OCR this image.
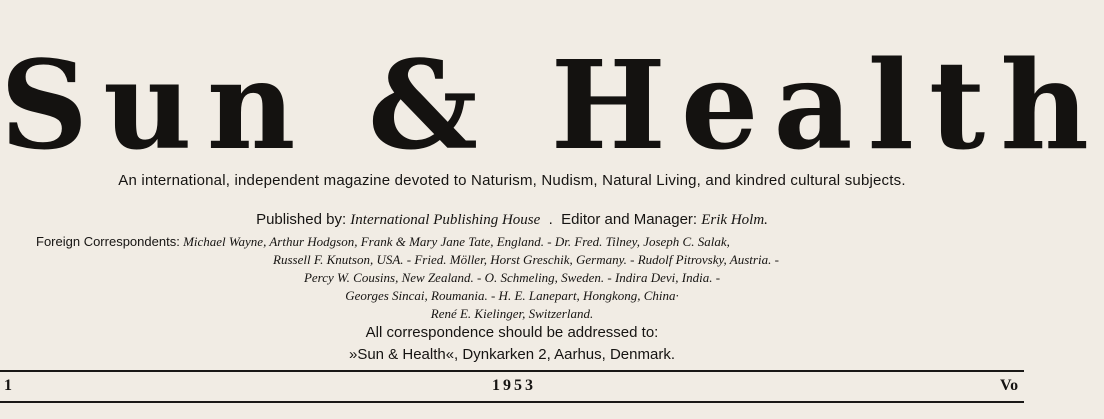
Sun & Health
An international, independent magazine devoted to Naturism, Nudism, Natural Living, and kindred cultural subjects.
Published by: International Publishing House . Editor and Manager: Erik Holm.
Foreign Correspondents: Michael Wayne, Arthur Hodgson, Frank & Mary Jane Tate, England. - Dr. Fred. Tilney, Joseph C. Salak,
Russell F. Knutson, USA. - Fried. Möller, Horst Greschik, Germany. - Rudolf Pitrovsky, Austria. -
Percy W. Cousins, New Zealand. - O. Schmeling, Sweden. - Indira Devi, India. -
Georges Sincai, Roumania. - H. E. Lanepart, Hongkong, China·
René E. Kielinger, Switzerland.
All correspondence should be addressed to:
»Sun & Health«, Dynkarken 2, Aarhus, Denmark.
1	1953	Vo
